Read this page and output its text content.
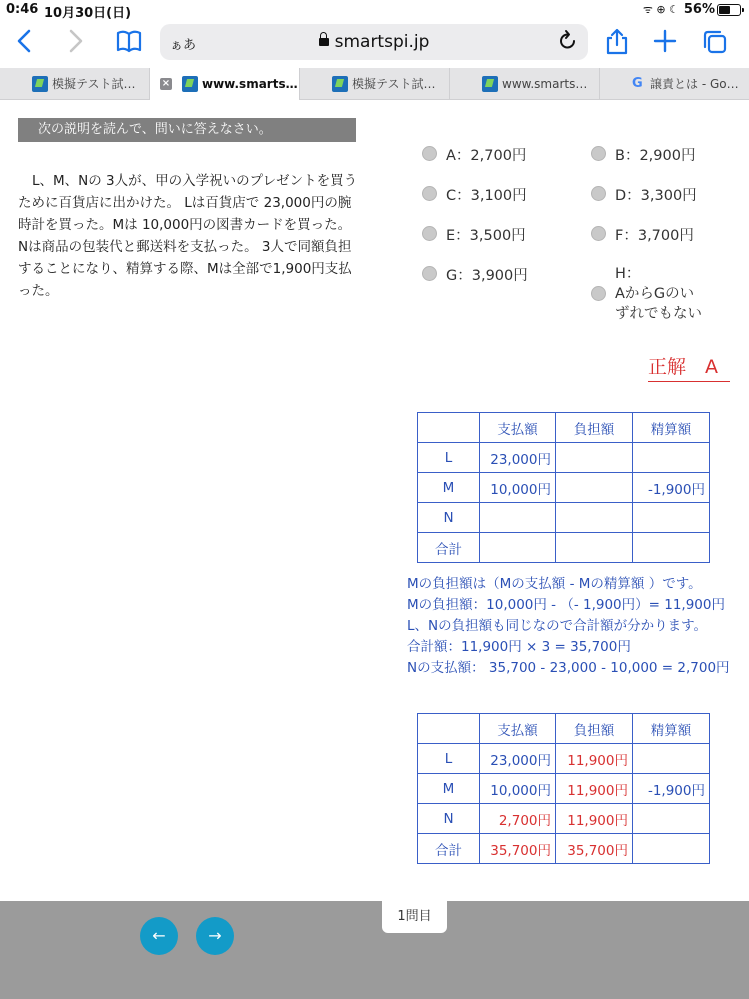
0:46 10月30日(日)	ᯤ ⊕ ☾ 56%
ぁあ	smartspi.jp
模擬テスト試…	×	www.smarts…	模擬テスト試…	www.smarts…	G 譲責とは - Go…
次の説明を読んで、問いに答えなさい。

L、M、Nの 3人が、甲の入学祝いのプレゼントを買うために百貨店に出かけた。 Lは百貨店で 23,000円の腕時計を買った。Mは 10,000円の図書カードを買った。Nは商品の包装代と郵送料を支払った。 3人で同額負担することになり、精算する際、Mは全部で1,900円支払った。

A：2,700円	B：2,900円
C：3,100円	D：3,300円
E：3,500円	F：3,700円
G：3,900円	H：
AからGのい
ずれでもない
正解　A
	支払額	負担額	精算額
L	23,000円		
M	10,000円		-1,900円
N			
合計			
Mの負担額は（Mの支払額 - Mの精算額 ）です。
Mの負担額：10,000円 - （- 1,900円）= 11,900円
L、Nの負担額も同じなので合計額が分かります。
合計額：11,900円 × 3 = 35,700円
Nの支払額： 35,700 - 23,000 - 10,000 = 2,700円
	支払額	負担額	精算額
L	23,000円	11,900円	
M	10,000円	11,900円	-1,900円
N	2,700円	11,900円	
合計	35,700円	35,700円	
←	→
1問目
